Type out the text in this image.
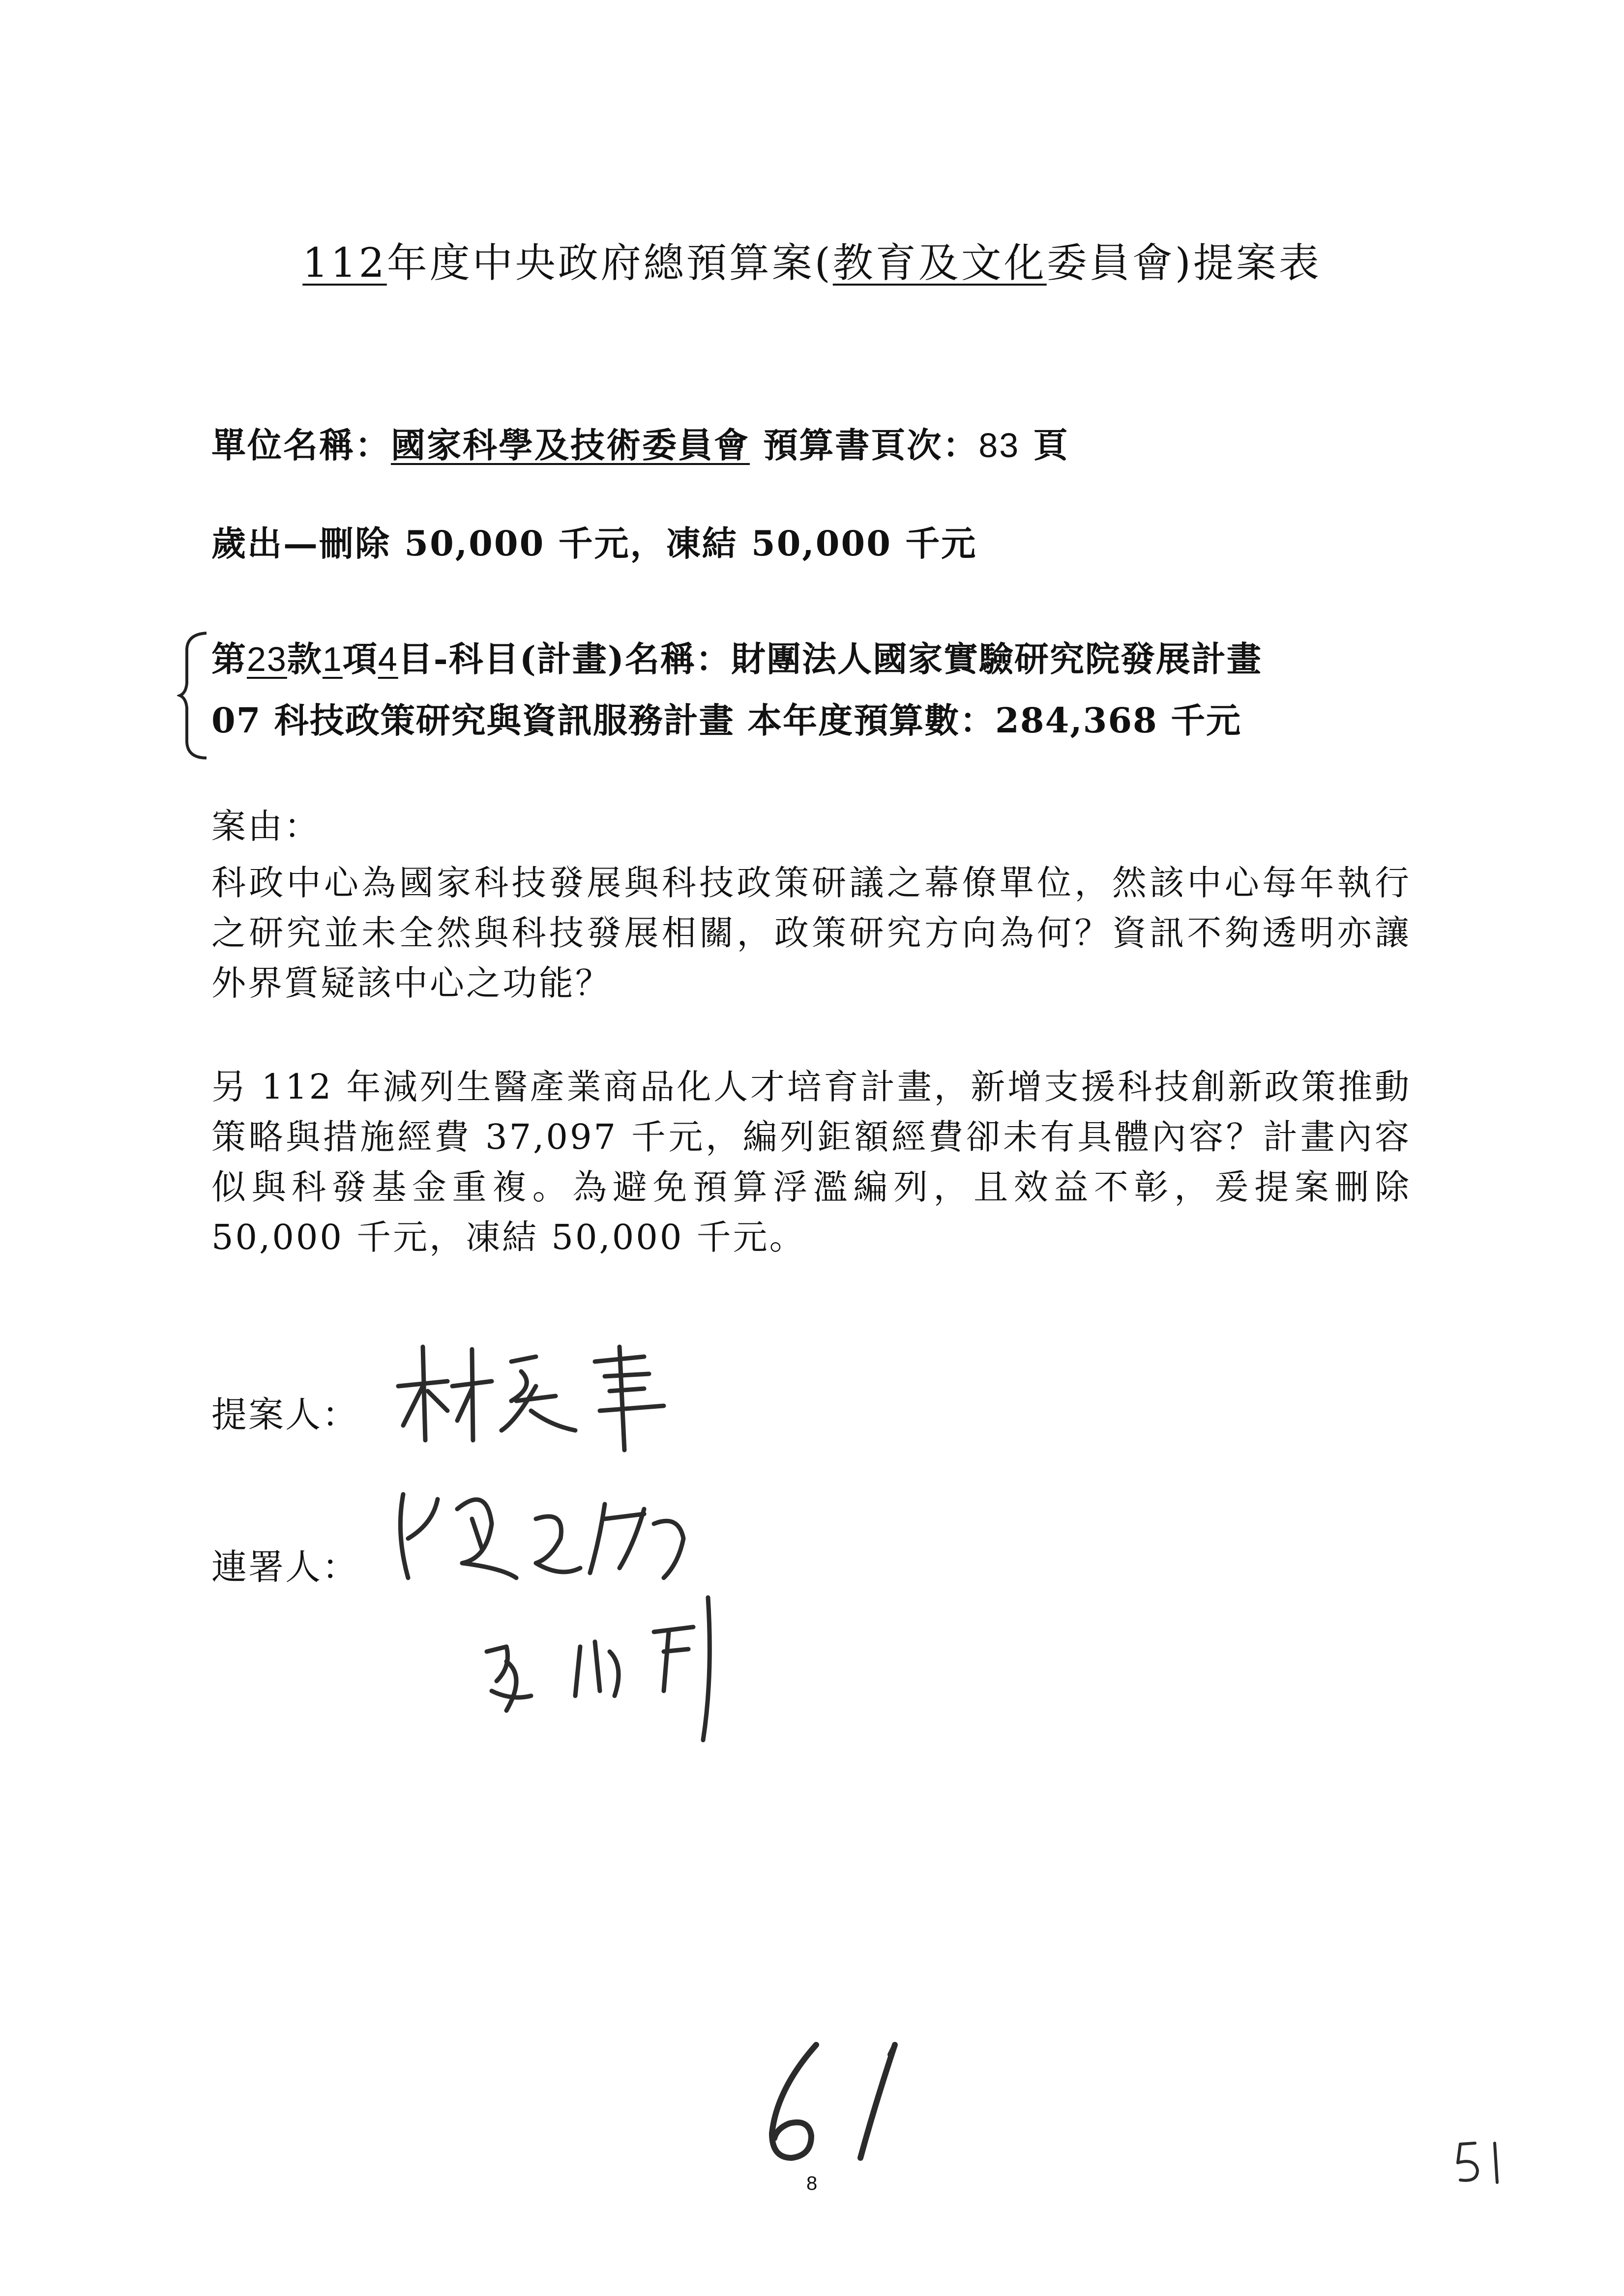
112年度中央政府總預算案(教育及文化委員會)提案表
單位名稱：國家科學及技術委員會 預算書頁次：83 頁
歲出—刪除 50,000 千元，凍結 50,000 千元
第23款1項4目-科目(計畫)名稱：財團法人國家實驗研究院發展計畫
07 科技政策研究與資訊服務計畫 本年度預算數：284,368 千元
案由：
科政中心為國家科技發展與科技政策研議之幕僚單位，然該中心每年執行之研究並未全然與科技發展相關，政策研究方向為何？資訊不夠透明亦讓外界質疑該中心之功能？
另 112 年減列生醫產業商品化人才培育計畫，新增支援科技創新政策推動策略與措施經費 37,097 千元，編列鉅額經費卻未有具體內容？計畫內容似與科發基金重複。為避免預算浮濫編列，且效益不彰，爰提案刪除 50,000 千元，凍結 50,000 千元。
提案人：
連署人：
8
